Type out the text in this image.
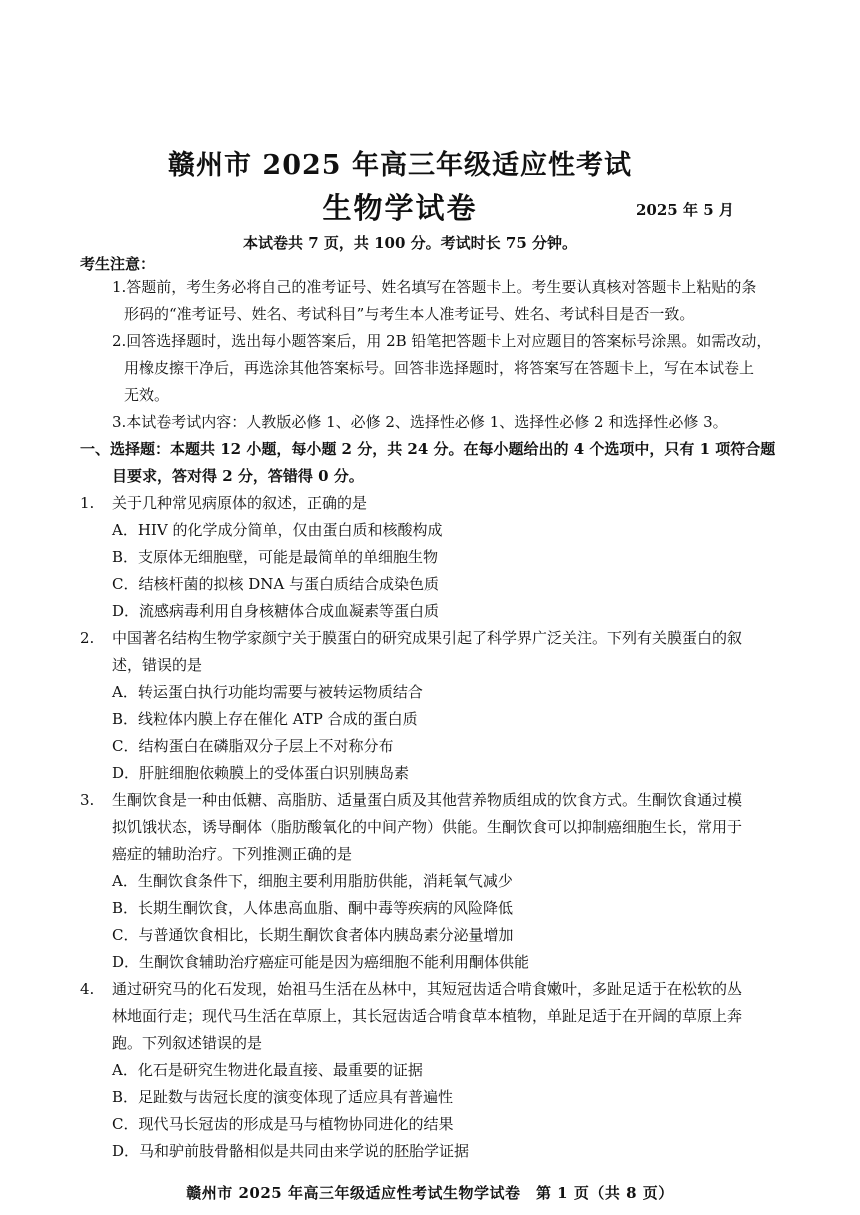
赣州市 2025 年高三年级适应性考试
生物学试卷	2025 年 5 月
本试卷共 7 页，共 100 分。考试时长 75 分钟。
考生注意：
1.答题前，考生务必将自己的准考证号、姓名填写在答题卡上。考生要认真核对答题卡上粘贴的条
形码的“准考证号、姓名、考试科目”与考生本人准考证号、姓名、考试科目是否一致。
2.回答选择题时，选出每小题答案后，用 2B 铅笔把答题卡上对应题目的答案标号涂黑。如需改动，
用橡皮擦干净后，再选涂其他答案标号。回答非选择题时，将答案写在答题卡上，写在本试卷上
无效。
3.本试卷考试内容：人教版必修 1、必修 2、选择性必修 1、选择性必修 2 和选择性必修 3。
一、选择题：本题共 12 小题，每小题 2 分，共 24 分。在每小题给出的 4 个选项中，只有 1 项符合题
目要求，答对得 2 分，答错得 0 分。
1. 关于几种常见病原体的叙述，正确的是
A．HIV 的化学成分简单，仅由蛋白质和核酸构成
B．支原体无细胞壁，可能是最简单的单细胞生物
C．结核杆菌的拟核 DNA 与蛋白质结合成染色质
D．流感病毒利用自身核糖体合成血凝素等蛋白质
2. 中国著名结构生物学家颜宁关于膜蛋白的研究成果引起了科学界广泛关注。下列有关膜蛋白的叙
述，错误的是
A．转运蛋白执行功能均需要与被转运物质结合
B．线粒体内膜上存在催化 ATP 合成的蛋白质
C．结构蛋白在磷脂双分子层上不对称分布
D．肝脏细胞依赖膜上的受体蛋白识别胰岛素
3. 生酮饮食是一种由低糖、高脂肪、适量蛋白质及其他营养物质组成的饮食方式。生酮饮食通过模
拟饥饿状态，诱导酮体（脂肪酸氧化的中间产物）供能。生酮饮食可以抑制癌细胞生长，常用于
癌症的辅助治疗。下列推测正确的是
A．生酮饮食条件下，细胞主要利用脂肪供能，消耗氧气减少
B．长期生酮饮食，人体患高血脂、酮中毒等疾病的风险降低
C．与普通饮食相比，长期生酮饮食者体内胰岛素分泌量增加
D．生酮饮食辅助治疗癌症可能是因为癌细胞不能利用酮体供能
4. 通过研究马的化石发现，始祖马生活在丛林中，其短冠齿适合啃食嫩叶，多趾足适于在松软的丛
林地面行走；现代马生活在草原上，其长冠齿适合啃食草本植物，单趾足适于在开阔的草原上奔
跑。下列叙述错误的是
A．化石是研究生物进化最直接、最重要的证据
B．足趾数与齿冠长度的演变体现了适应具有普遍性
C．现代马长冠齿的形成是马与植物协同进化的结果
D．马和驴前肢骨骼相似是共同由来学说的胚胎学证据
赣州市 2025 年高三年级适应性考试生物学试卷　第 1 页（共 8 页）
